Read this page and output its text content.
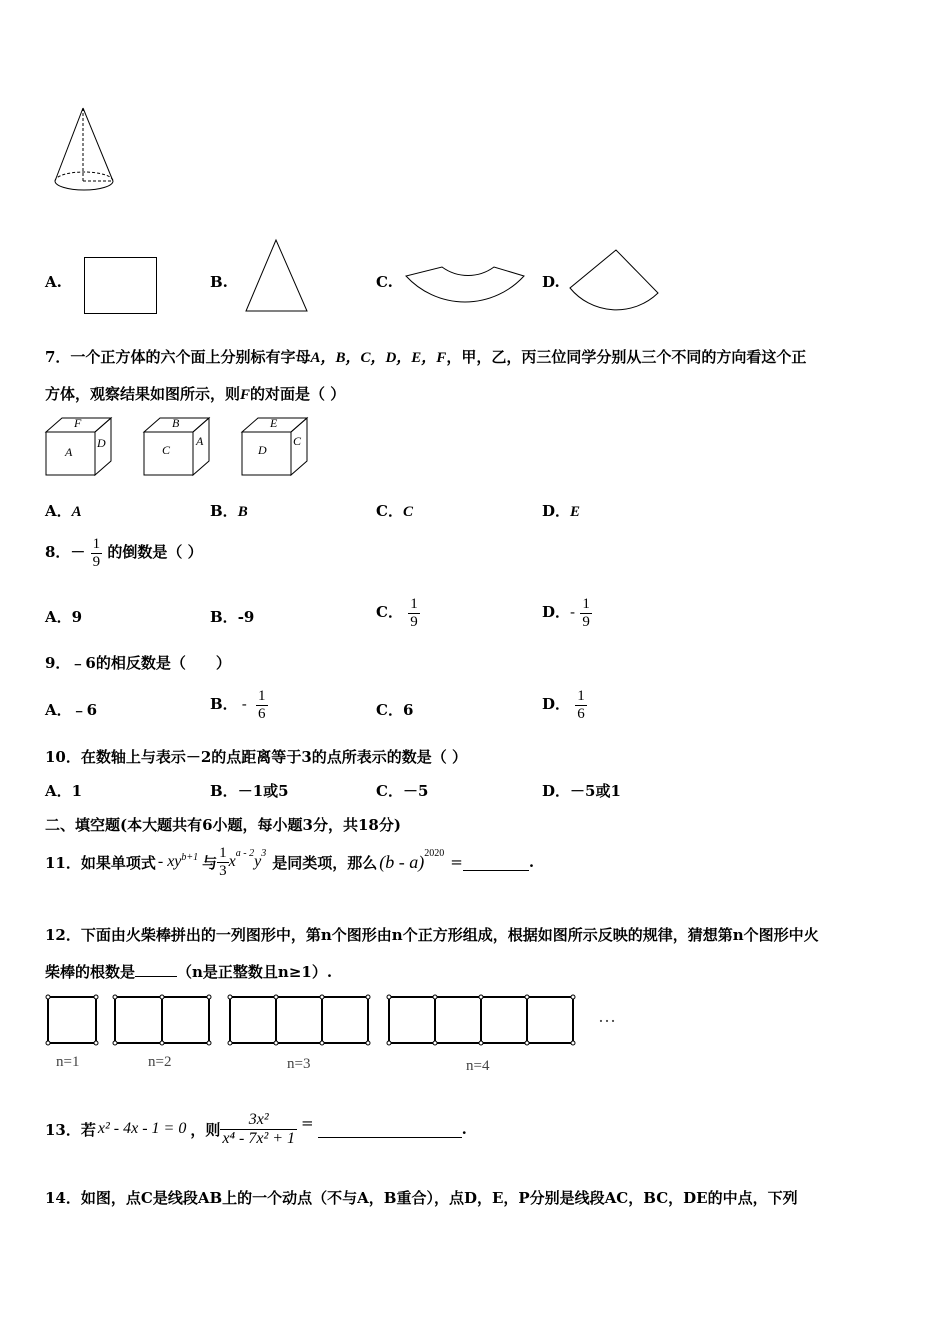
A.	B.	C.	D.
7．一个正方体的六个面上分别标有字母A，B，C，D，E，F，甲，乙，丙三位同学分别从三个不同的方向看这个正
方体，观察结果如图所示，则F的对面是（ ）
F
A
D
B
C
A
E
D
C
A．A	B．B	C．C	D．E
8．－ $\frac{1}{9}$ 的倒数是（ ）
A．9	B．-9	C． $\frac{1}{9}$	D．- $\frac{1}{9}$
9．﹣6的相反数是（　　）
A．﹣6	B． - $\frac{1}{6}$	C．6	D． $\frac{1}{6}$
10．在数轴上与表示－2的点距离等于3的点所表示的数是（ ）
A．1	B．－1或5	C．－5	D．－5或1
二、填空题(本大题共有6小题，每小题3分，共18分)
11．如果单项式 - $xy^{b+1}$ 与 $\frac{1}{3} x^{a - 2}$ $y^3$ 是同类项，那么 (b - a)$^{2020}$ =	.
12．下面由火柴棒拼出的一列图形中，第n个图形由n个正方形组成，根据如图所示反映的规律，猜想第n个图形中火
柴棒的根数是	（n是正整数且n≥1）.
n=1	n=2	n=3	n=4
…
13．若 x² - 4x - 1 = 0 ，则 $\frac{\text{3x²}}{\text{x⁴ - 7x² + 1}}$ =	.
14．如图，点C是线段AB上的一个动点（不与A，B重合），点D，E，P分别是线段AC，BC，DE的中点，下列
